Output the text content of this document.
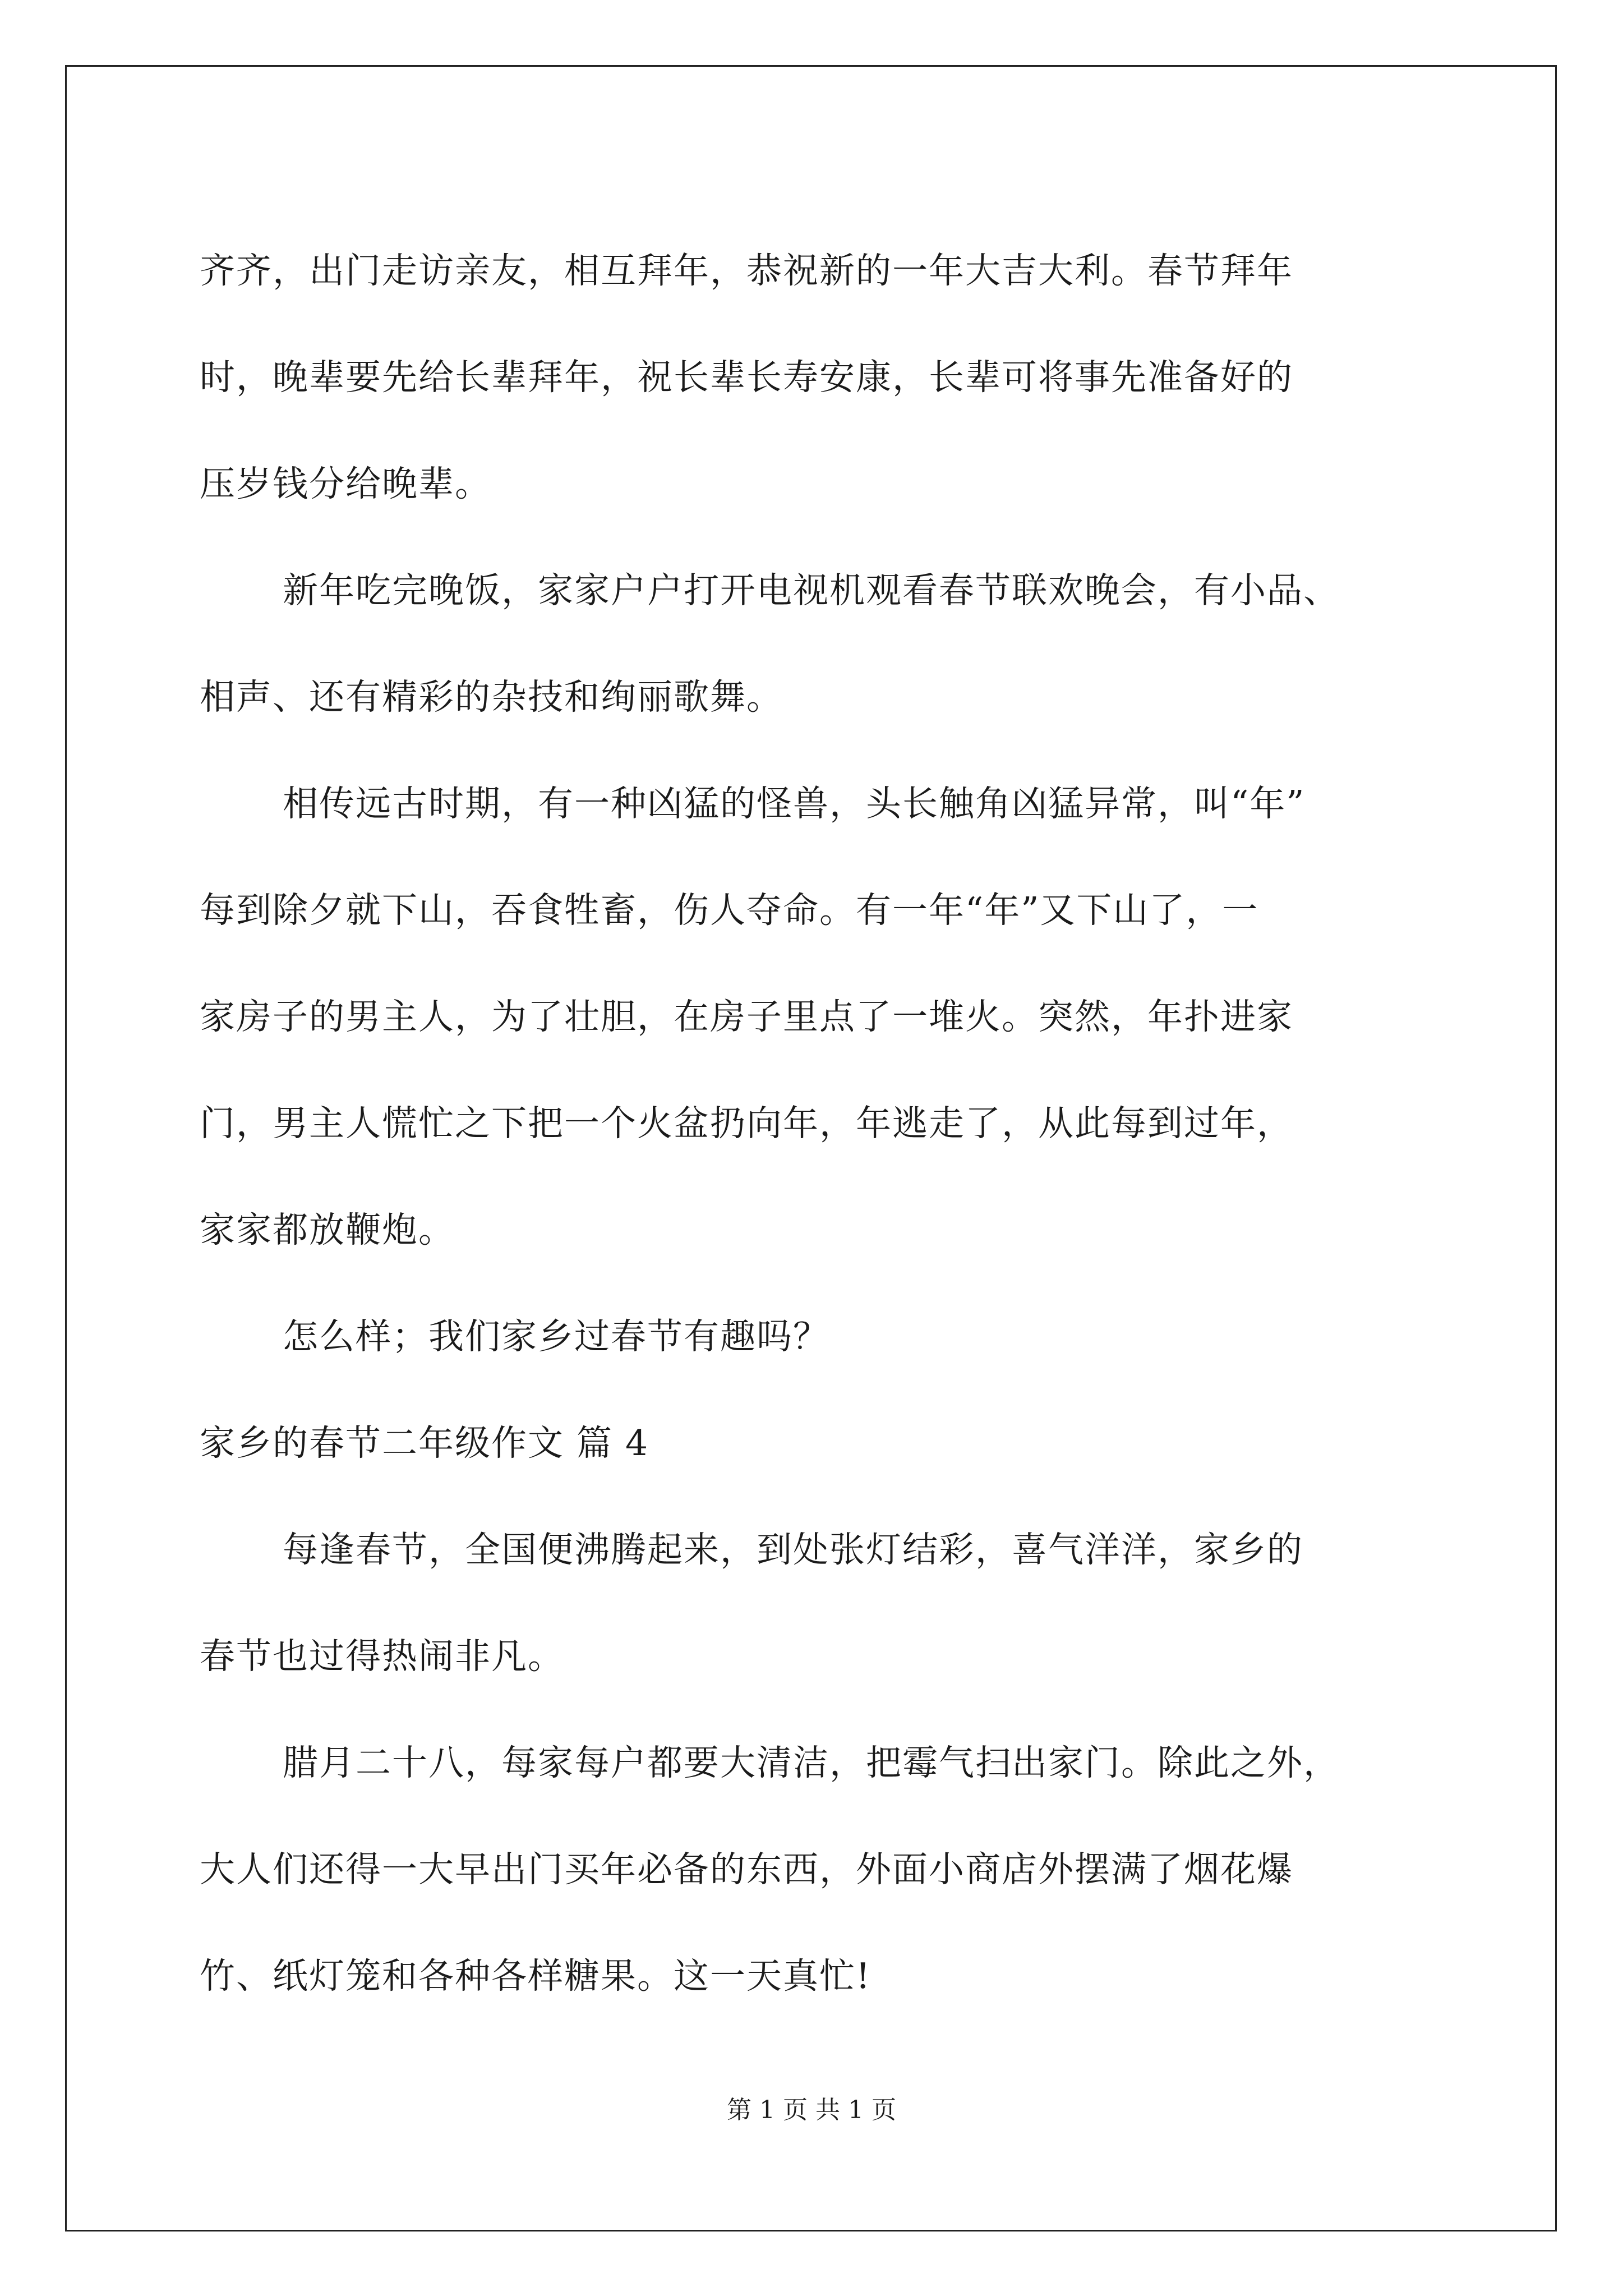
齐齐，出门走访亲友，相互拜年，恭祝新的一年大吉大利。春节拜年
时，晚辈要先给长辈拜年，祝长辈长寿安康，长辈可将事先准备好的
压岁钱分给晚辈。
新年吃完晚饭，家家户户打开电视机观看春节联欢晚会，有小品、
相声、还有精彩的杂技和绚丽歌舞。
相传远古时期，有一种凶猛的怪兽，头长触角凶猛异常，叫“年”
每到除夕就下山，吞食牲畜，伤人夺命。有一年“年”又下山了，一
家房子的男主人，为了壮胆，在房子里点了一堆火。突然，年扑进家
门，男主人慌忙之下把一个火盆扔向年，年逃走了，从此每到过年，
家家都放鞭炮。
怎么样；我们家乡过春节有趣吗？
家乡的春节二年级作文 篇 4
每逢春节，全国便沸腾起来，到处张灯结彩，喜气洋洋，家乡的
春节也过得热闹非凡。
腊月二十八，每家每户都要大清洁，把霉气扫出家门。除此之外，
大人们还得一大早出门买年必备的东西，外面小商店外摆满了烟花爆
竹、纸灯笼和各种各样糖果。这一天真忙!
第 1 页 共 1 页
